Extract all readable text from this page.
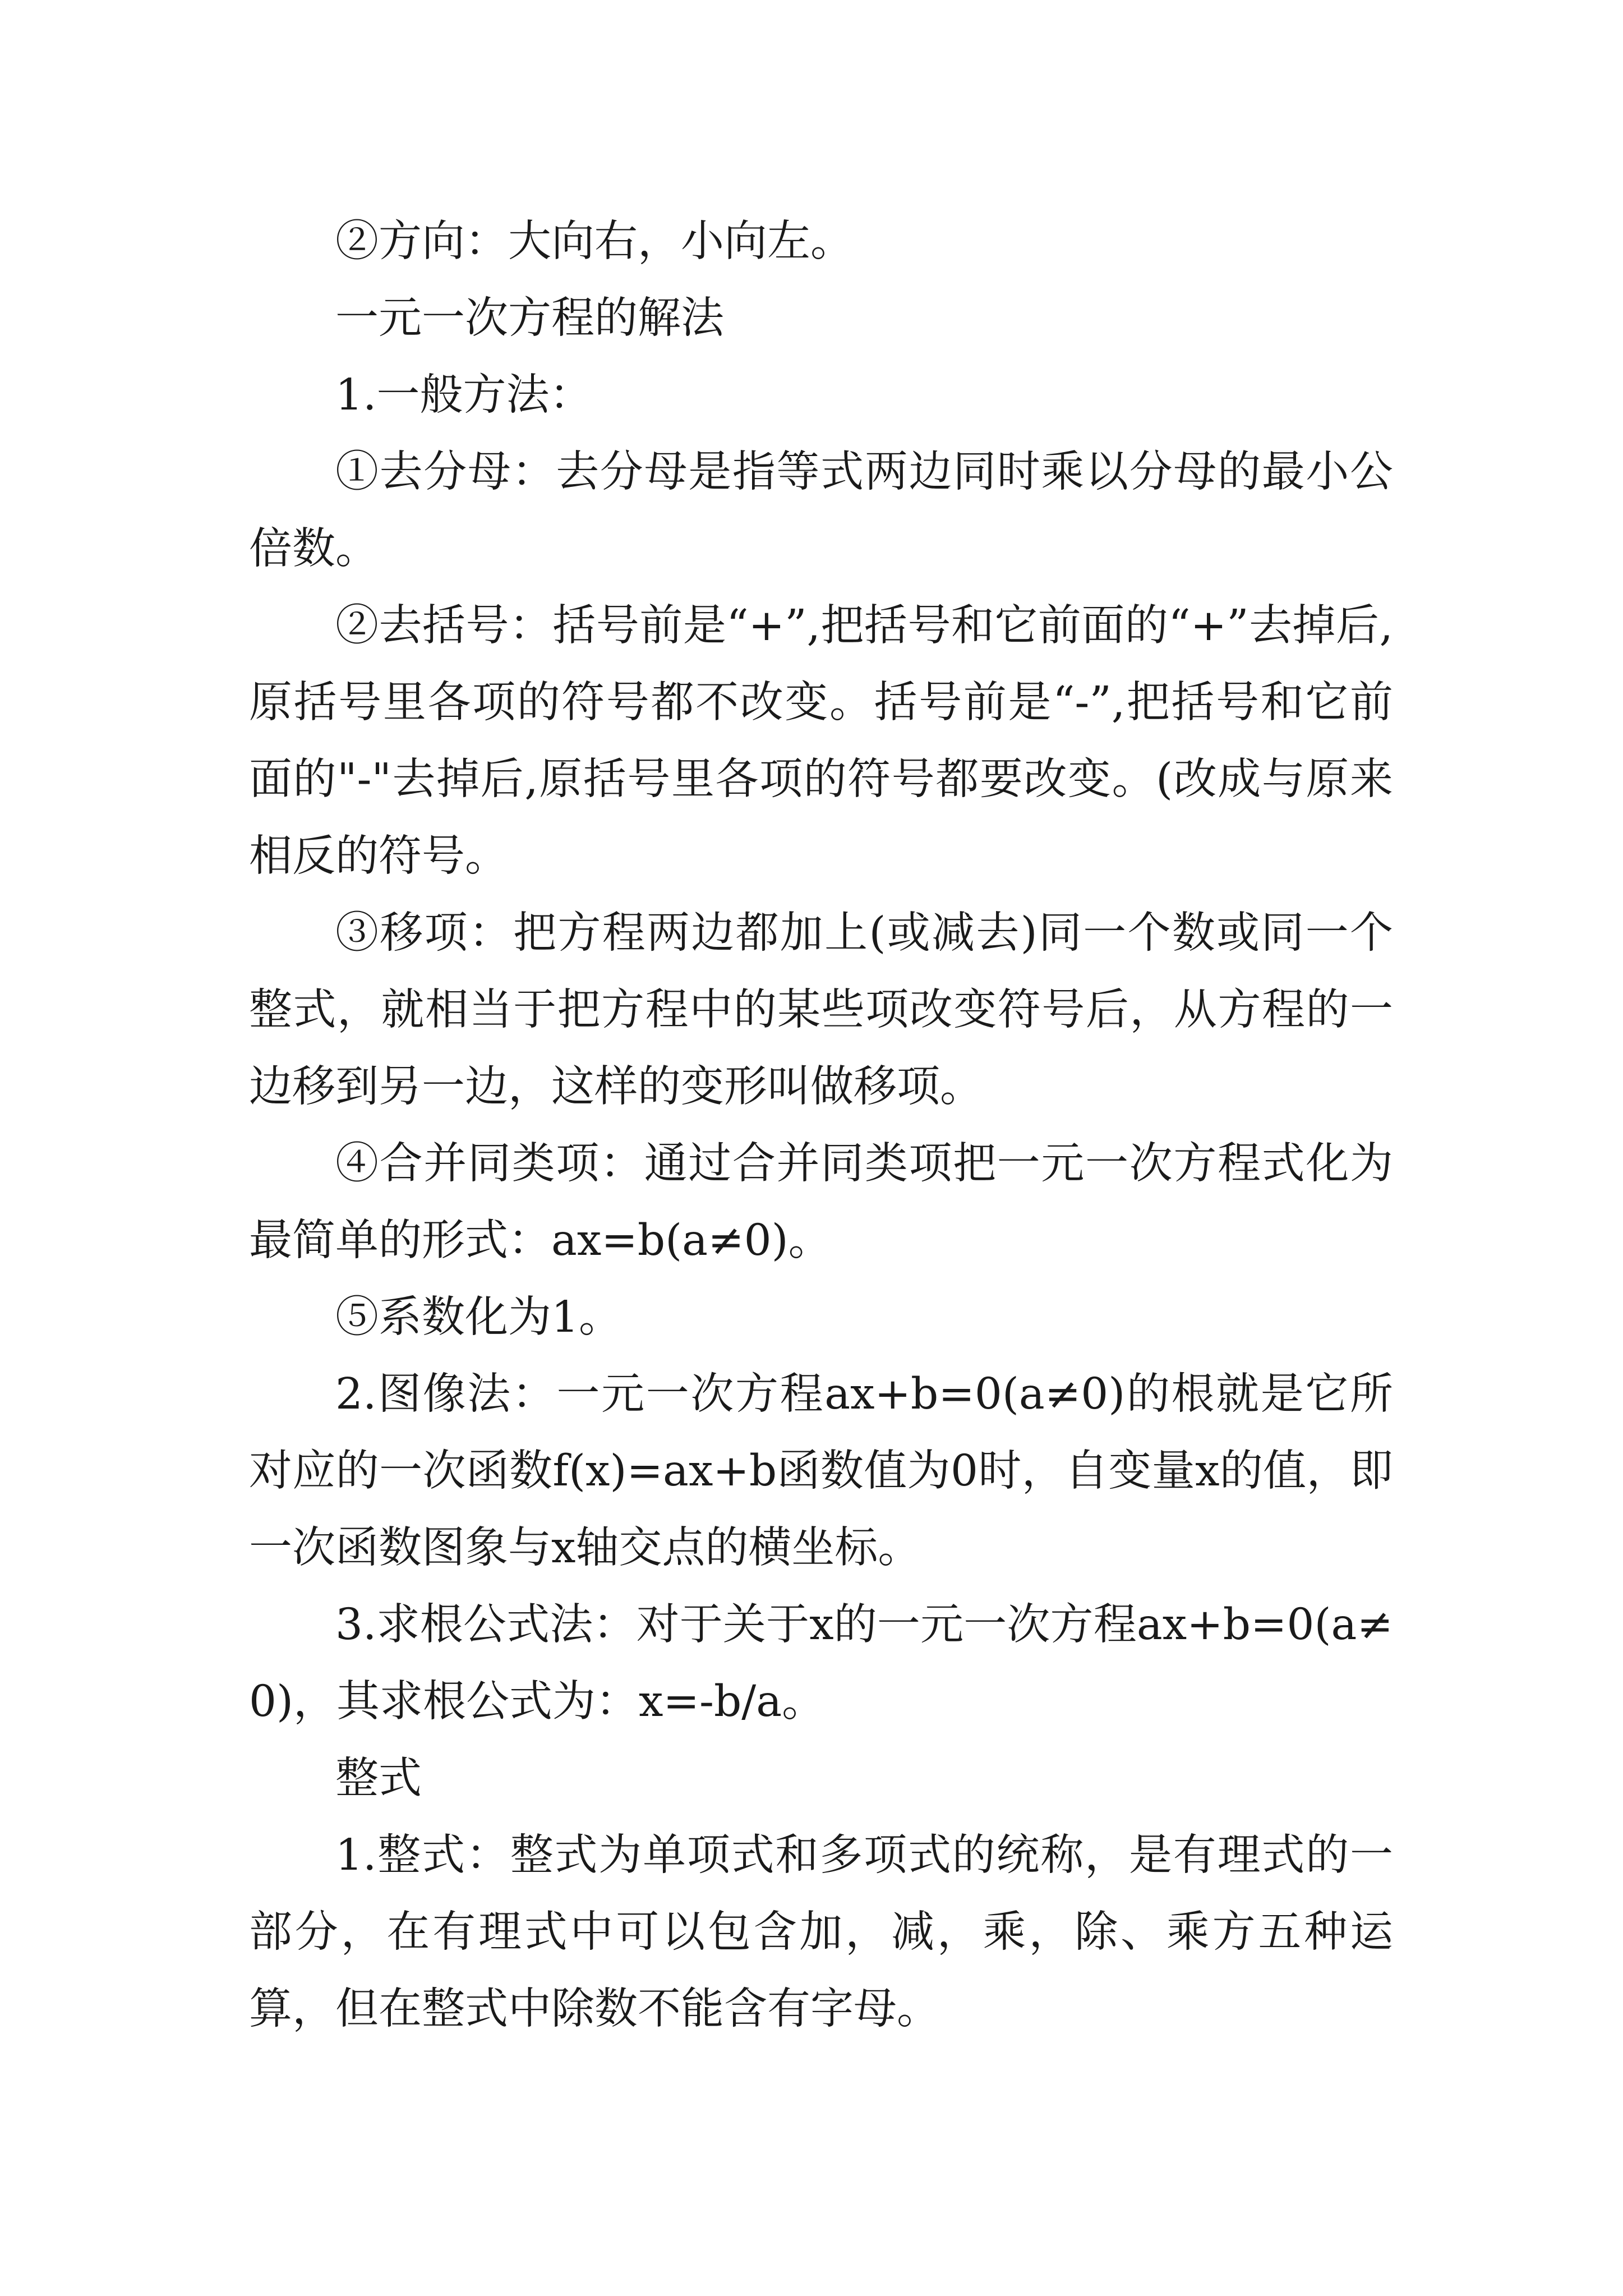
②方向：大向右，小向左。

一元一次方程的解法

1.一般方法：

①去分母：去分母是指等式两边同时乘以分母的最小公倍数。

②去括号：括号前是“+”,把括号和它前面的“+”去掉后,原括号里各项的符号都不改变。括号前是“-”,把括号和它前面的"-"去掉后,原括号里各项的符号都要改变。(改成与原来相反的符号。

③移项：把方程两边都加上(或减去)同一个数或同一个整式，就相当于把方程中的某些项改变符号后，从方程的一边移到另一边，这样的变形叫做移项。

④合并同类项：通过合并同类项把一元一次方程式化为最简单的形式：ax=b(a≠0)。

⑤系数化为1。

2.图像法：一元一次方程ax+b=0(a≠0)的根就是它所对应的一次函数f(x)=ax+b函数值为0时，自变量x的值，即一次函数图象与x轴交点的横坐标。

3.求根公式法：对于关于x的一元一次方程ax+b=0(a≠0)，其求根公式为：x=-b/a。

整式

1.整式：整式为单项式和多项式的统称，是有理式的一部分，在有理式中可以包含加，减，乘，除、乘方五种运算，但在整式中除数不能含有字母。
